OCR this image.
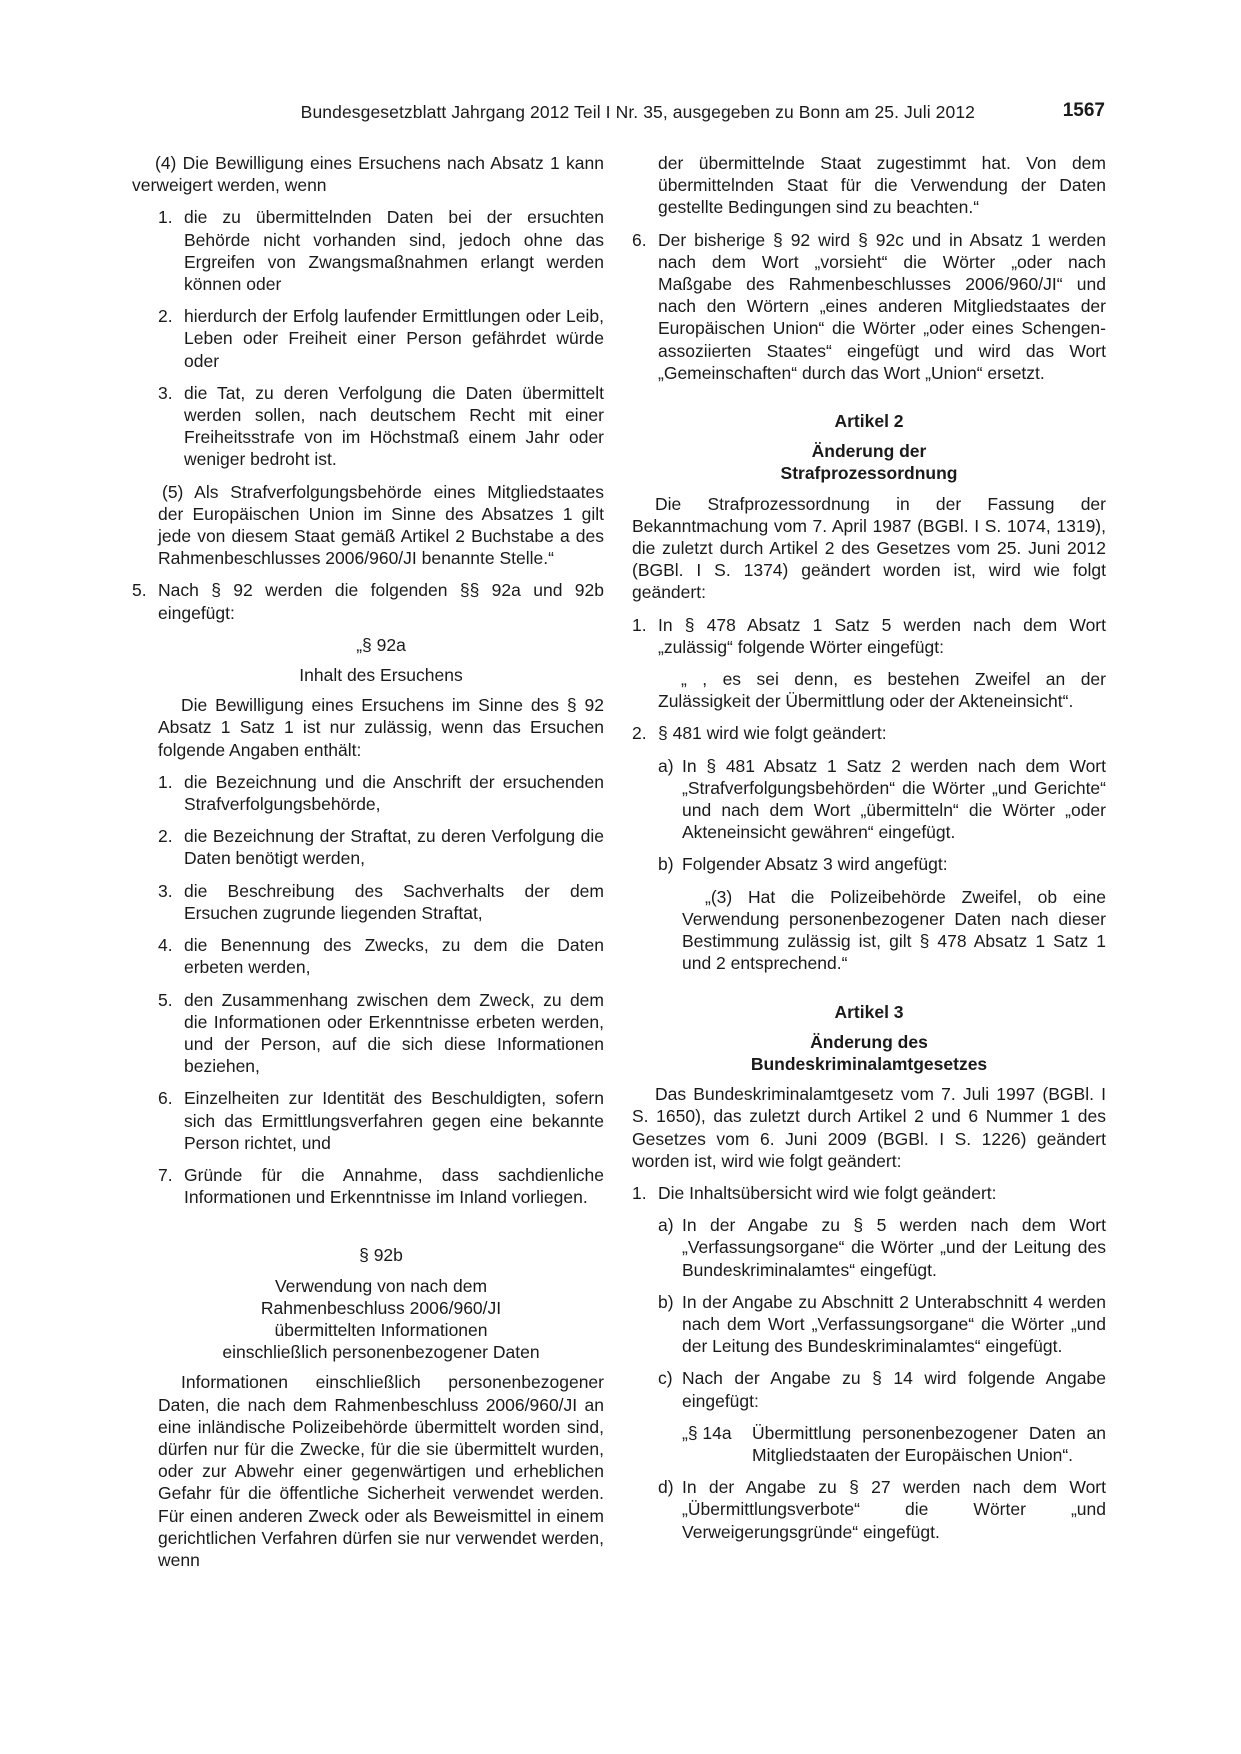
Bundesgesetzblatt Jahrgang 2012 Teil I Nr. 35, ausgegeben zu Bonn am 25. Juli 2012	1567

(4) Die Bewilligung eines Ersuchens nach Absatz 1 kann verweigert werden, wenn

1. die zu übermittelnden Daten bei der ersuchten Behörde nicht vorhanden sind, jedoch ohne das Ergreifen von Zwangsmaßnahmen erlangt werden können oder
2. hierdurch der Erfolg laufender Ermittlungen oder Leib, Leben oder Freiheit einer Person gefährdet würde oder
3. die Tat, zu deren Verfolgung die Daten übermittelt werden sollen, nach deutschem Recht mit einer Freiheitsstrafe von im Höchstmaß einem Jahr oder weniger bedroht ist.

(5) Als Strafverfolgungsbehörde eines Mitgliedstaates der Europäischen Union im Sinne des Absatzes 1 gilt jede von diesem Staat gemäß Artikel 2 Buchstabe a des Rahmenbeschlusses 2006/960/JI benannte Stelle.“

5. Nach § 92 werden die folgenden §§ 92a und 92b eingefügt:

„§ 92a

Inhalt des Ersuchens

Die Bewilligung eines Ersuchens im Sinne des § 92 Absatz 1 Satz 1 ist nur zulässig, wenn das Ersuchen folgende Angaben enthält:

1. die Bezeichnung und die Anschrift der ersuchenden Strafverfolgungsbehörde,
2. die Bezeichnung der Straftat, zu deren Verfolgung die Daten benötigt werden,
3. die Beschreibung des Sachverhalts der dem Ersuchen zugrunde liegenden Straftat,
4. die Benennung des Zwecks, zu dem die Daten erbeten werden,
5. den Zusammenhang zwischen dem Zweck, zu dem die Informationen oder Erkenntnisse erbeten werden, und der Person, auf die sich diese Informationen beziehen,
6. Einzelheiten zur Identität des Beschuldigten, sofern sich das Ermittlungsverfahren gegen eine bekannte Person richtet, und
7. Gründe für die Annahme, dass sachdienliche Informationen und Erkenntnisse im Inland vorliegen.

§ 92b

Verwendung von nach dem
Rahmenbeschluss 2006/960/JI
übermittelten Informationen
einschließlich personenbezogener Daten

Informationen einschließlich personenbezogener Daten, die nach dem Rahmenbeschluss 2006/960/JI an eine inländische Polizeibehörde übermittelt worden sind, dürfen nur für die Zwecke, für die sie übermittelt wurden, oder zur Abwehr einer gegenwärtigen und erheblichen Gefahr für die öffentliche Sicherheit verwendet werden. Für einen anderen Zweck oder als Beweismittel in einem gerichtlichen Verfahren dürfen sie nur verwendet werden, wenn

der übermittelnde Staat zugestimmt hat. Von dem übermittelnden Staat für die Verwendung der Daten gestellte Bedingungen sind zu beachten.“

6. Der bisherige § 92 wird § 92c und in Absatz 1 werden nach dem Wort „vorsieht“ die Wörter „oder nach Maßgabe des Rahmenbeschlusses 2006/960/JI“ und nach den Wörtern „eines anderen Mitgliedstaates der Europäischen Union“ die Wörter „oder eines Schengen-assoziierten Staates“ eingefügt und wird das Wort „Gemeinschaften“ durch das Wort „Union“ ersetzt.

Artikel 2

Änderung der
Strafprozessordnung

Die Strafprozessordnung in der Fassung der Bekanntmachung vom 7. April 1987 (BGBl. I S. 1074, 1319), die zuletzt durch Artikel 2 des Gesetzes vom 25. Juni 2012 (BGBl. I S. 1374) geändert worden ist, wird wie folgt geändert:

1. In § 478 Absatz 1 Satz 5 werden nach dem Wort „zulässig“ folgende Wörter eingefügt:

„ , es sei denn, es bestehen Zweifel an der Zulässigkeit der Übermittlung oder der Akteneinsicht“.

2. § 481 wird wie folgt geändert:
a) In § 481 Absatz 1 Satz 2 werden nach dem Wort „Strafverfolgungsbehörden“ die Wörter „und Gerichte“ und nach dem Wort „übermitteln“ die Wörter „oder Akteneinsicht gewähren“ eingefügt.
b) Folgender Absatz 3 wird angefügt:

„(3) Hat die Polizeibehörde Zweifel, ob eine Verwendung personenbezogener Daten nach dieser Bestimmung zulässig ist, gilt § 478 Absatz 1 Satz 1 und 2 entsprechend.“

Artikel 3

Änderung des
Bundeskriminalamtgesetzes

Das Bundeskriminalamtgesetz vom 7. Juli 1997 (BGBl. I S. 1650), das zuletzt durch Artikel 2 und 6 Nummer 1 des Gesetzes vom 6. Juni 2009 (BGBl. I S. 1226) geändert worden ist, wird wie folgt geändert:

1. Die Inhaltsübersicht wird wie folgt geändert:
a) In der Angabe zu § 5 werden nach dem Wort „Verfassungsorgane“ die Wörter „und der Leitung des Bundeskriminalamtes“ eingefügt.
b) In der Angabe zu Abschnitt 2 Unterabschnitt 4 werden nach dem Wort „Verfassungsorgane“ die Wörter „und der Leitung des Bundeskriminalamtes“ eingefügt.
c) Nach der Angabe zu § 14 wird folgende Angabe eingefügt:
„§ 14a Übermittlung personenbezogener Daten an Mitgliedstaaten der Europäischen Union“.
d) In der Angabe zu § 27 werden nach dem Wort „Übermittlungsverbote“ die Wörter „und Verweigerungsgründe“ eingefügt.
